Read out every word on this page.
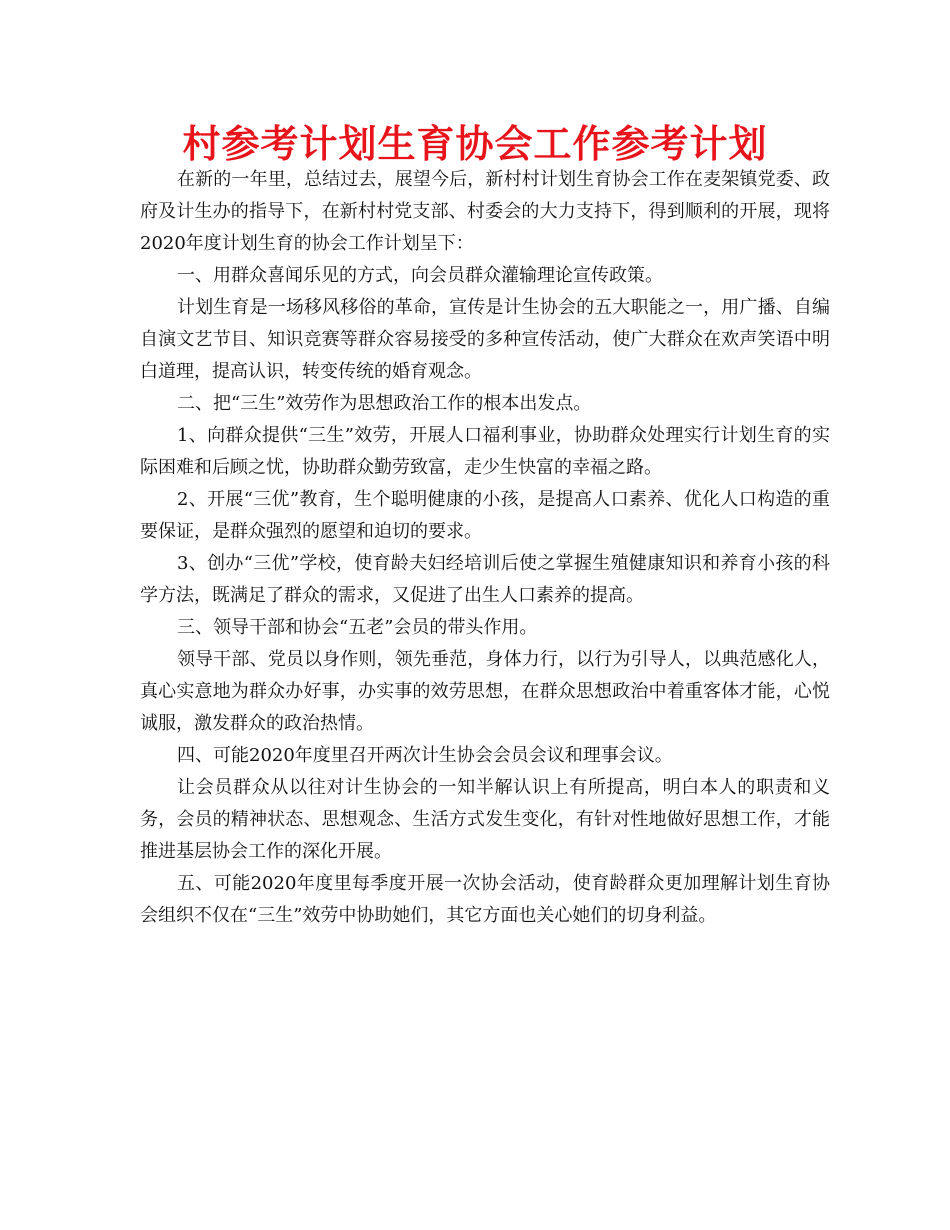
村参考计划生育协会工作参考计划

在新的一年里，总结过去，展望今后，新村村计划生育协会工作在麦架镇党委、政府及计生办的指导下，在新村村党支部、村委会的大力支持下，得到顺利的开展，现将2020年度计划生育的协会工作计划呈下：

一、用群众喜闻乐见的方式，向会员群众灌输理论宣传政策。

计划生育是一场移风移俗的革命，宣传是计生协会的五大职能之一，用广播、自编自演文艺节目、知识竞赛等群众容易接受的多种宣传活动，使广大群众在欢声笑语中明白道理，提高认识，转变传统的婚育观念。

二、把“三生”效劳作为思想政治工作的根本出发点。

1、向群众提供“三生”效劳，开展人口福利事业，协助群众处理实行计划生育的实际困难和后顾之忧，协助群众勤劳致富，走少生快富的幸福之路。

2、开展“三优”教育，生个聪明健康的小孩，是提高人口素养、优化人口构造的重要保证，是群众强烈的愿望和迫切的要求。

3、创办“三优”学校，使育龄夫妇经培训后使之掌握生殖健康知识和养育小孩的科学方法，既满足了群众的需求，又促进了出生人口素养的提高。

三、领导干部和协会“五老”会员的带头作用。

领导干部、党员以身作则，领先垂范，身体力行，以行为引导人，以典范感化人，真心实意地为群众办好事，办实事的效劳思想，在群众思想政治中着重客体才能，心悦诚服，激发群众的政治热情。

四、可能2020年度里召开两次计生协会会员会议和理事会议。

让会员群众从以往对计生协会的一知半解认识上有所提高，明白本人的职责和义务，会员的精神状态、思想观念、生活方式发生变化，有针对性地做好思想工作，才能推进基层协会工作的深化开展。

五、可能2020年度里每季度开展一次协会活动，使育龄群众更加理解计划生育协会组织不仅在“三生”效劳中协助她们，其它方面也关心她们的切身利益。
